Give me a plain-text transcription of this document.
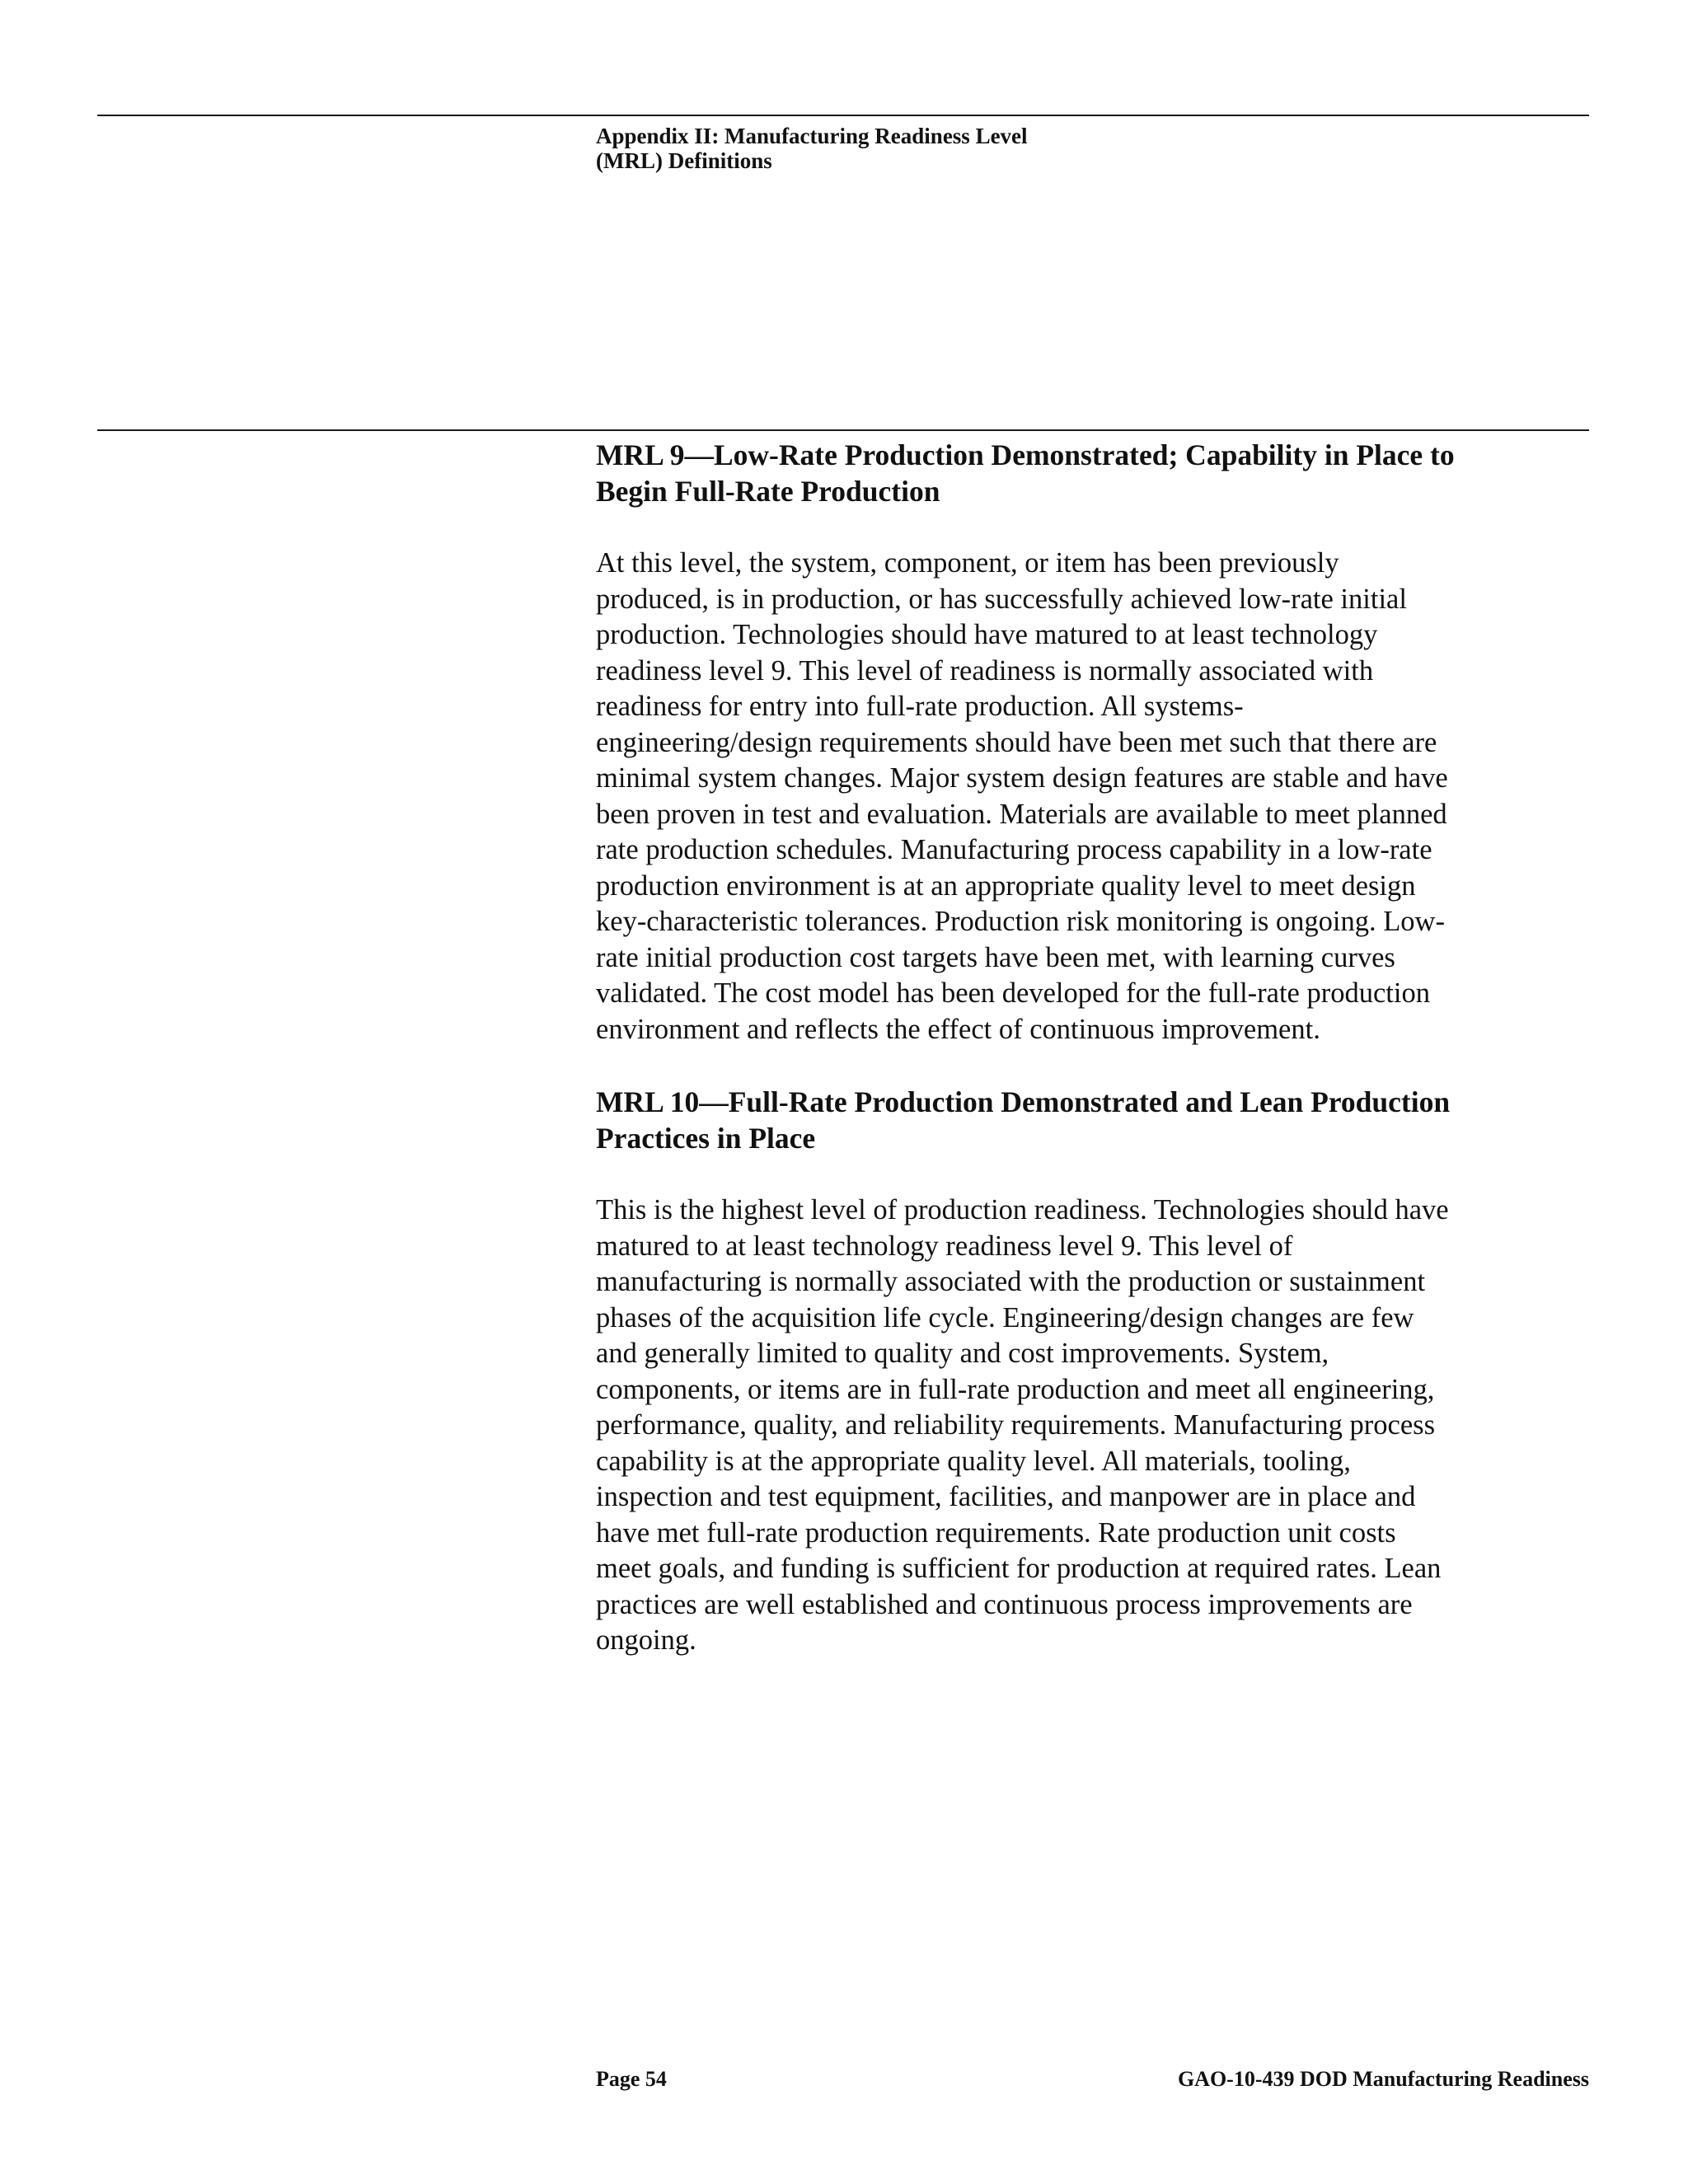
Appendix II: Manufacturing Readiness Level
(MRL) Definitions
MRL 9—Low-Rate Production Demonstrated; Capability in Place to
Begin Full-Rate Production
At this level, the system, component, or item has been previously
produced, is in production, or has successfully achieved low-rate initial
production. Technologies should have matured to at least technology
readiness level 9. This level of readiness is normally associated with
readiness for entry into full-rate production. All systems-
engineering/design requirements should have been met such that there are
minimal system changes. Major system design features are stable and have
been proven in test and evaluation. Materials are available to meet planned
rate production schedules. Manufacturing process capability in a low-rate
production environment is at an appropriate quality level to meet design
key-characteristic tolerances. Production risk monitoring is ongoing. Low-
rate initial production cost targets have been met, with learning curves
validated. The cost model has been developed for the full-rate production
environment and reflects the effect of continuous improvement.
MRL 10—Full-Rate Production Demonstrated and Lean Production
Practices in Place
This is the highest level of production readiness. Technologies should have
matured to at least technology readiness level 9. This level of
manufacturing is normally associated with the production or sustainment
phases of the acquisition life cycle. Engineering/design changes are few
and generally limited to quality and cost improvements. System,
components, or items are in full-rate production and meet all engineering,
performance, quality, and reliability requirements. Manufacturing process
capability is at the appropriate quality level. All materials, tooling,
inspection and test equipment, facilities, and manpower are in place and
have met full-rate production requirements. Rate production unit costs
meet goals, and funding is sufficient for production at required rates. Lean
practices are well established and continuous process improvements are
ongoing.
Page 54	GAO-10-439 DOD Manufacturing Readiness
